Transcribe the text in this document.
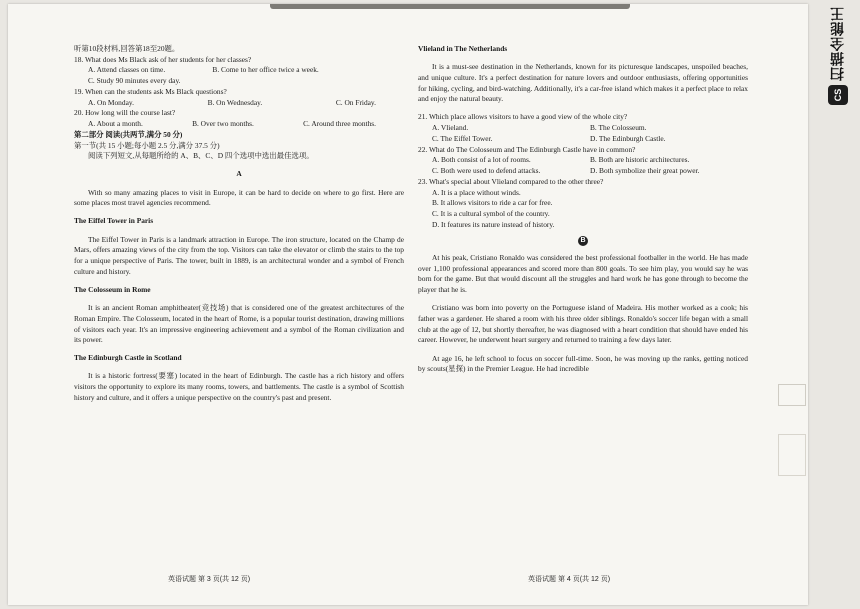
听第10段材料,回答第18至20题。

18. What does Ms Black ask of her students for her classes?

A. Attend classes on time.	B. Come to her office twice a week.

C. Study 90 minutes every day.

19. When can the students ask Ms Black questions?

A. On Monday.	B. On Wednesday.	C. On Friday.

20. How long will the course last?

A. About a month.	B. Over two months.	C. Around three months.

第二部分 阅读(共两节,满分 50 分)

第一节(共 15 小题;每小题 2.5 分,满分 37.5 分)

阅读下列短文,从每题所给的 A、B、C、D 四个选项中选出最佳选项。

A

With so many amazing places to visit in Europe, it can be hard to decide on where to go first. Here are some places most travel agencies recommend.

The Eiffel Tower in Paris

The Eiffel Tower in Paris is a landmark attraction in Europe. The iron structure, located on the Champ de Mars, offers amazing views of the city from the top. Visitors can take the elevator or climb the stairs to the top for a unique perspective of Paris. The tower, built in 1889, is an architectural wonder and a symbol of French culture and history.

The Colosseum in Rome

It is an ancient Roman amphitheater(竞技场) that is considered one of the greatest architectures of the Roman Empire. The Colosseum, located in the heart of Rome, is a popular tourist destination, drawing millions of visitors each year. It's an impressive engineering achievement and a symbol of the Roman civilization and its power.

The Edinburgh Castle in Scotland

It is a historic fortress(要塞) located in the heart of Edinburgh. The castle has a rich history and offers visitors the opportunity to explore its many rooms, towers, and battlements. The castle is a symbol of Scottish history and culture, and it offers a unique perspective on the country's past and present.

Vlieland in The Netherlands

It is a must-see destination in the Netherlands, known for its picturesque landscapes, unspoiled beaches, and unique culture. It's a perfect destination for nature lovers and outdoor enthusiasts, offering opportunities for hiking, cycling, and bird-watching. Additionally, it's a car-free island which makes it a perfect place to relax and enjoy the natural beauty.

21. Which place allows visitors to have a good view of the whole city?

A. Vlieland.	B. The Colosseum.
C. The Eiffel Tower.	D. The Edinburgh Castle.

22. What do The Colosseum and The Edinburgh Castle have in common?

A. Both consist of a lot of rooms.	B. Both are historic architectures.
C. Both were used to defend attacks.	D. Both symbolize their great power.

23. What's special about Vlieland compared to the other three?

A. It is a place without winds.

B. It allows visitors to ride a car for free.

C. It is a cultural symbol of the country.

D. It features its nature instead of history.

B

At his peak, Cristiano Ronaldo was considered the best professional footballer in the world. He has made over 1,100 professional appearances and scored more than 800 goals. To see him play, you would say he was born for the game. But that would discount all the struggles and hard work he has gone through to become the player that he is.

Cristiano was born into poverty on the Portuguese island of Madeira. His mother worked as a cook; his father was a gardener. He shared a room with his three older siblings. Ronaldo's soccer life began with a small club at the age of 12, but shortly thereafter, he was diagnosed with a heart condition that should have ended his career. However, he underwent heart surgery and returned to training a few days later.

At age 16, he left school to focus on soccer full-time. Soon, he was moving up the ranks, getting noticed by scouts(星探) in the Premier League. He had incredible

英语试题 第 3 页(共 12 页)	英语试题 第 4 页(共 12 页)
扫描全能王
CS
